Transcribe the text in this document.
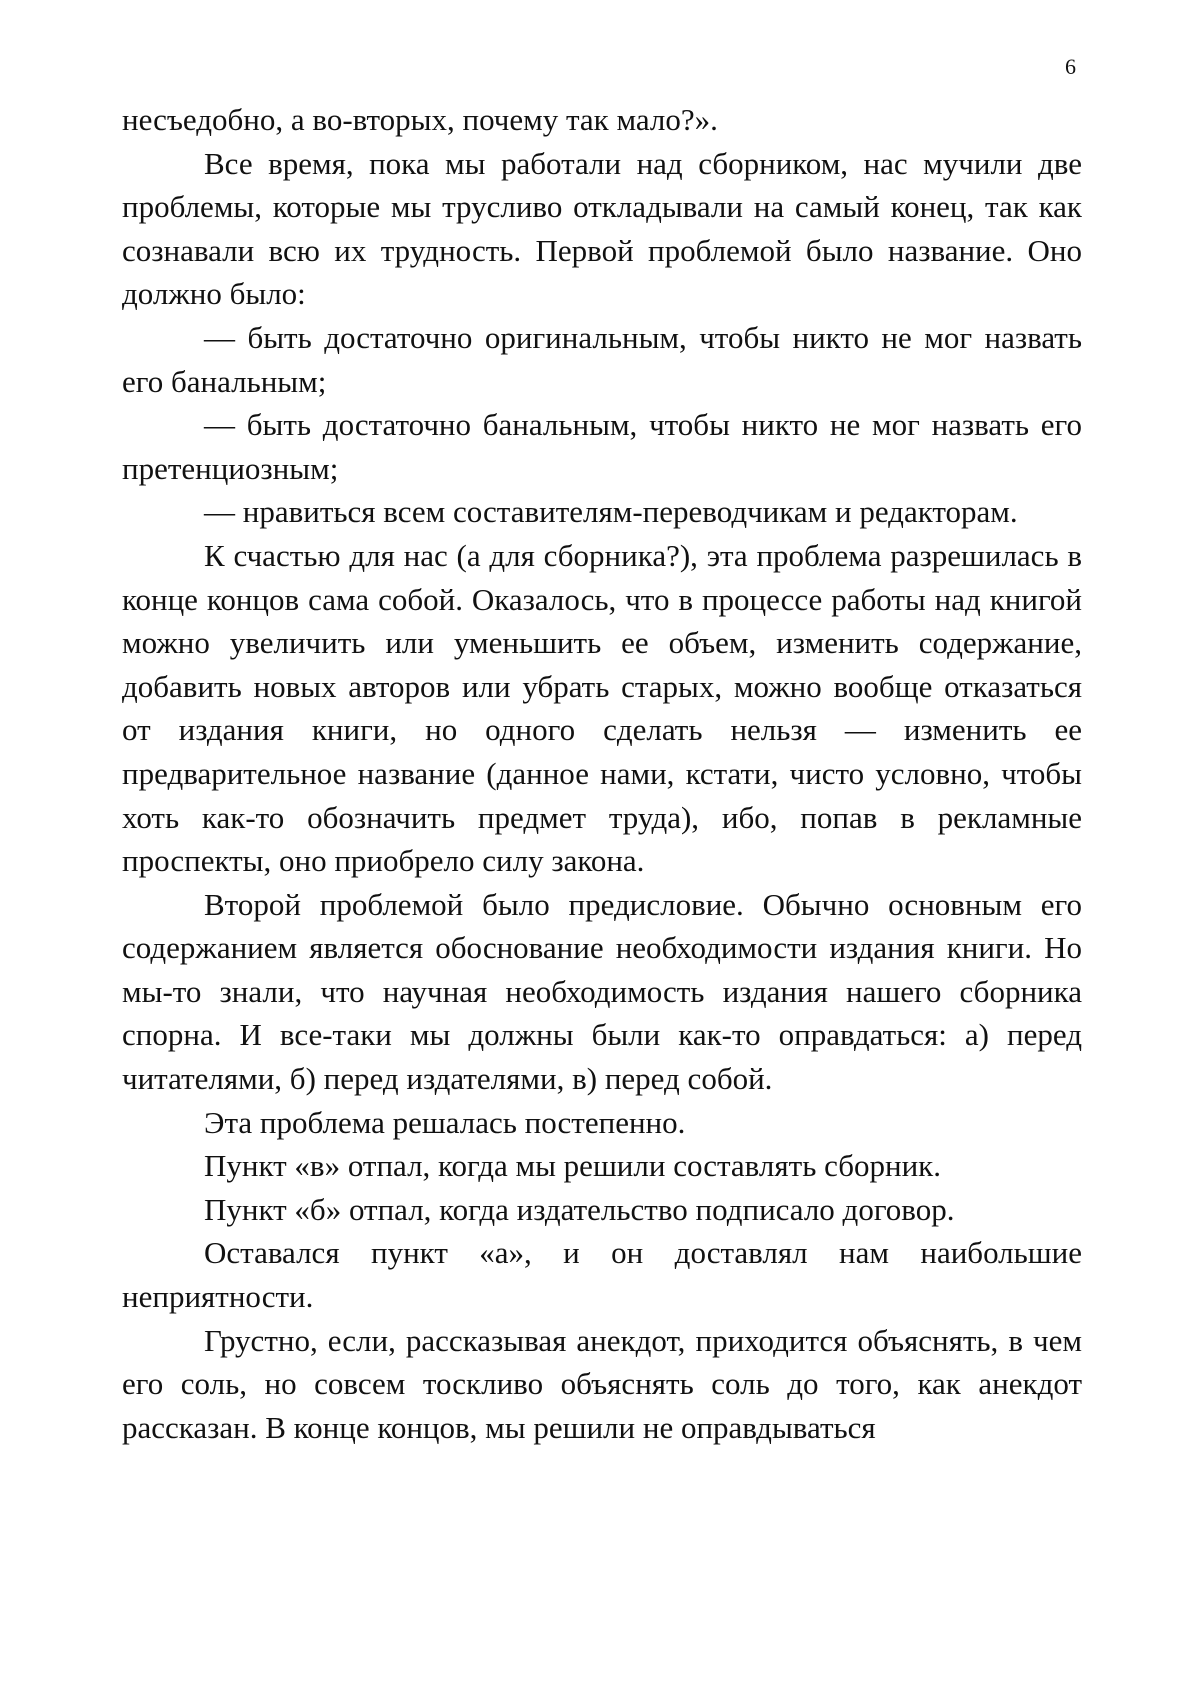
6

несъедобно, а во-вторых, почему так мало?».

Все время, пока мы работали над сборником, нас мучили две проблемы, которые мы трусливо откладывали на самый конец, так как сознавали всю их трудность. Первой проблемой было название. Оно должно было:

— быть достаточно оригинальным, чтобы никто не мог назвать его банальным;

— быть достаточно банальным, чтобы никто не мог назвать его претенциозным;

— нравиться всем составителям-переводчикам и редакторам.

К счастью для нас (а для сборника?), эта проблема разрешилась в конце концов сама собой. Оказалось, что в процессе работы над книгой можно увеличить или уменьшить ее объем, изменить содержание, добавить новых авторов или убрать старых, можно вообще отказаться от издания книги, но одного сделать нельзя — изменить ее предварительное название (данное нами, кстати, чисто условно, чтобы хоть как-то обозначить предмет труда), ибо, попав в рекламные проспекты, оно приобрело силу закона.

Второй проблемой было предисловие. Обычно основным его содержанием является обоснование необходимости издания книги. Но мы-то знали, что научная необходимость издания нашего сборника спорна. И все-таки мы должны были как-то оправдаться: а) перед читателями, б) перед издателями, в) перед собой.

Эта проблема решалась постепенно.

Пункт «в» отпал, когда мы решили составлять сборник.

Пункт «б» отпал, когда издательство подписало договор.

Оставался пункт «а», и он доставлял нам наибольшие неприятности.

Грустно, если, рассказывая анекдот, приходится объяснять, в чем его соль, но совсем тоскливо объяснять соль до того, как анекдот рассказан. В конце концов, мы решили не оправдываться
